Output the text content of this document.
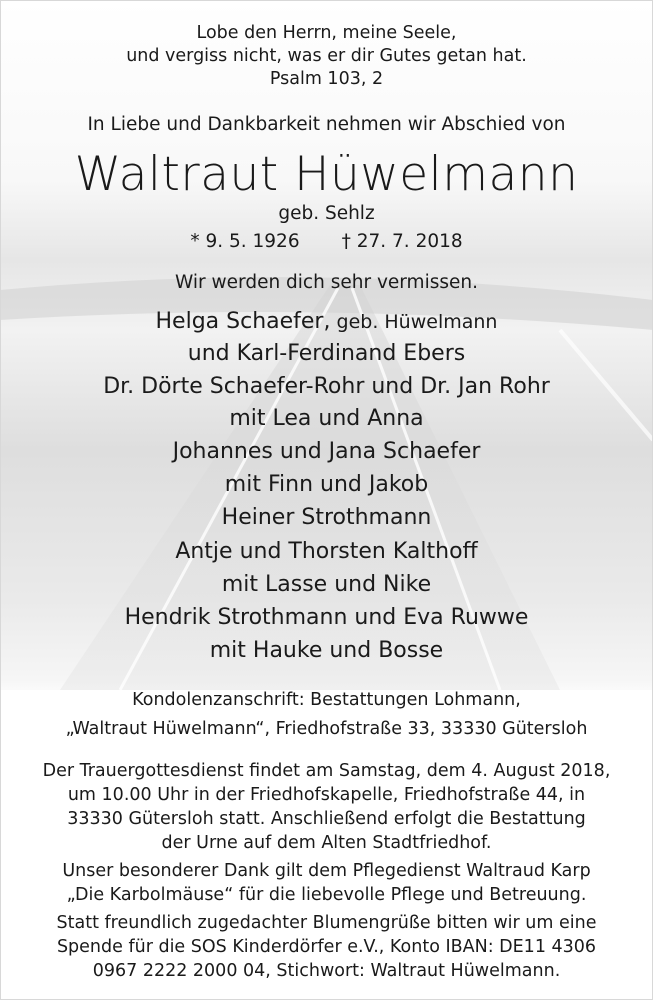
Lobe den Herrn, meine Seele,
und vergiss nicht, was er dir Gutes getan hat.
Psalm 103, 2
In Liebe und Dankbarkeit nehmen wir Abschied von
Waltraut Hüwelmann
geb. Sehlz
* 9. 5. 1926 † 27. 7. 2018
Wir werden dich sehr vermissen.
Helga Schaefer, geb. Hüwelmann
und Karl-Ferdinand Ebers
Dr. Dörte Schaefer-Rohr und Dr. Jan Rohr
mit Lea und Anna
Johannes und Jana Schaefer
mit Finn und Jakob
Heiner Strothmann
Antje und Thorsten Kalthoff
mit Lasse und Nike
Hendrik Strothmann und Eva Ruwwe
mit Hauke und Bosse
Kondolenzanschrift: Bestattungen Lohmann,
„Waltraut Hüwelmann“, Friedhofstraße 33, 33330 Gütersloh
Der Trauergottesdienst findet am Samstag, dem 4. August 2018,
um 10.00 Uhr in der Friedhofskapelle, Friedhofstraße 44, in
33330 Gütersloh statt. Anschließend erfolgt die Bestattung
der Urne auf dem Alten Stadtfriedhof.
Unser besonderer Dank gilt dem Pflegedienst Waltraud Karp
„Die Karbolmäuse“ für die liebevolle Pflege und Betreuung.
Statt freundlich zugedachter Blumengrüße bitten wir um eine
Spende für die SOS Kinderdörfer e.V., Konto IBAN: DE11 4306
0967 2222 2000 04, Stichwort: Waltraut Hüwelmann.
